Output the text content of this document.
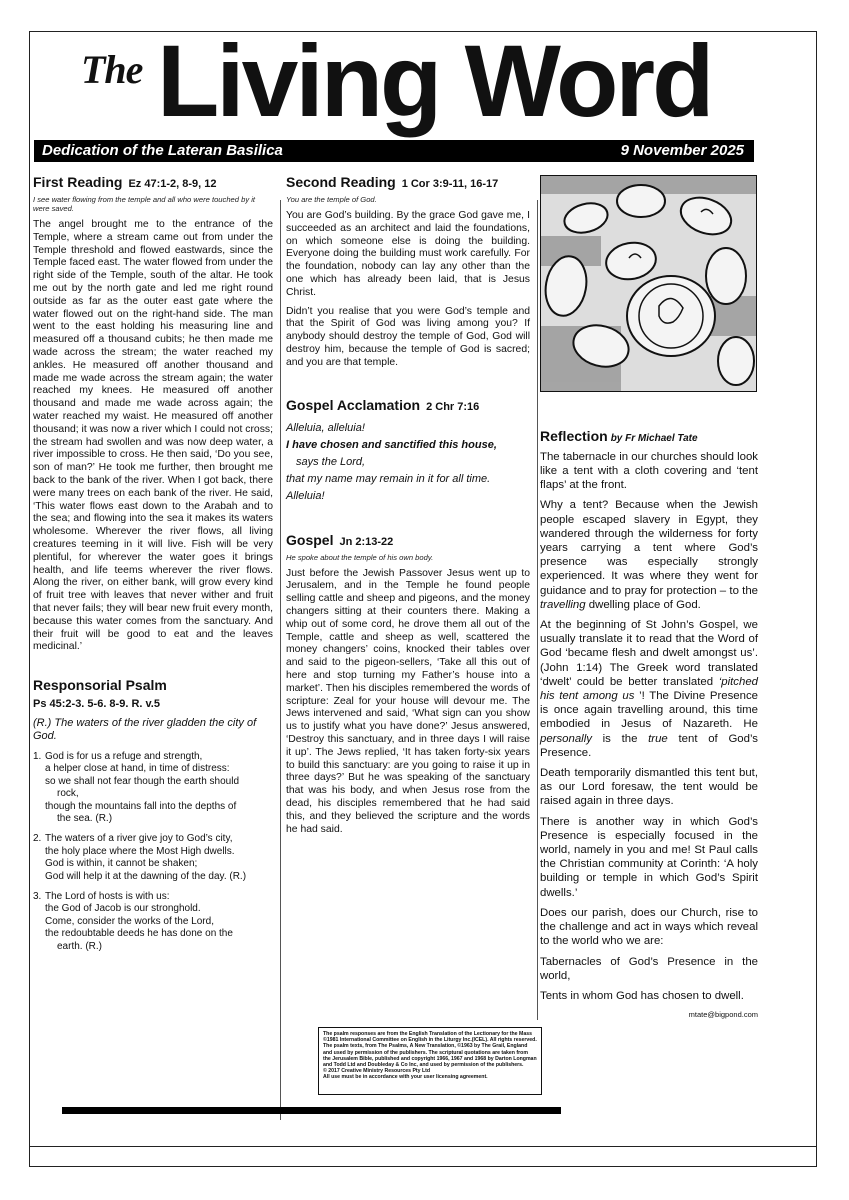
The Living Word
Dedication of the Lateran Basilica	9 November 2025
First Reading Ez 47:1-2, 8-9, 12
I see water flowing from the temple and all who were touched by it were saved.

The angel brought me to the entrance of the Temple, where a stream came out from under the Temple threshold and flowed eastwards, since the Temple faced east. The water flowed from under the right side of the Temple, south of the altar. He took me out by the north gate and led me right round outside as far as the outer east gate where the water flowed out on the right-hand side. The man went to the east holding his measuring line and measured off a thousand cubits; he then made me wade across the stream; the water reached my ankles. He measured off another thousand and made me wade across the stream again; the water reached my knees. He measured off another thousand and made me wade across again; the water reached my waist. He measured off another thousand; it was now a river which I could not cross; the stream had swollen and was now deep water, a river impossible to cross. He then said, ‘Do you see, son of man?’ He took me further, then brought me back to the bank of the river. When I got back, there were many trees on each bank of the river. He said, ‘This water flows east down to the Arabah and to the sea; and flowing into the sea it makes its waters wholesome. Wherever the river flows, all living creatures teeming in it will live. Fish will be very plentiful, for wherever the water goes it brings health, and life teems wherever the river flows. Along the river, on either bank, will grow every kind of fruit tree with leaves that never wither and fruit that never fails; they will bear new fruit every month, because this water comes from the sanctuary. And their fruit will be good to eat and the leaves medicinal.’

Responsorial Psalm
Ps 45:2-3. 5-6. 8-9. R. v.5
(R.) The waters of the river gladden the city of God.
1. God is for us a refuge and strength,
a helper close at hand, in time of distress:
so we shall not fear though the earth should
rock,
though the mountains fall into the depths of
the sea. (R.)
2. The waters of a river give joy to God’s city,
the holy place where the Most High dwells.
God is within, it cannot be shaken;
God will help it at the dawning of the day. (R.)
3. The Lord of hosts is with us:
the God of Jacob is our stronghold.
Come, consider the works of the Lord,
the redoubtable deeds he has done on the
earth. (R.)
Second Reading 1 Cor 3:9-11, 16-17
You are the temple of God.

You are God’s building. By the grace God gave me, I succeeded as an architect and laid the foundations, on which someone else is doing the building. Everyone doing the building must work carefully. For the foundation, nobody can lay any other than the one which has already been laid, that is Jesus Christ.

Didn’t you realise that you were God’s temple and that the Spirit of God was living among you? If anybody should destroy the temple of God, God will destroy him, because the temple of God is sacred; and you are that temple.

Gospel Acclamation 2 Chr 7:16
Alleluia, alleluia!
I have chosen and sanctified this house,
says the Lord,
that my name may remain in it for all time.
Alleluia!
Gospel Jn 2:13-22
He spoke about the temple of his own body.

Just before the Jewish Passover Jesus went up to Jerusalem, and in the Temple he found people selling cattle and sheep and pigeons, and the money changers sitting at their counters there. Making a whip out of some cord, he drove them all out of the Temple, cattle and sheep as well, scattered the money changers’ coins, knocked their tables over and said to the pigeon-sellers, ‘Take all this out of here and stop turning my Father’s house into a market’. Then his disciples remembered the words of scripture: Zeal for your house will devour me. The Jews intervened and said, ‘What sign can you show us to justify what you have done?’ Jesus answered, ‘Destroy this sanctuary, and in three days I will raise it up’. The Jews replied, ‘It has taken forty-six years to build this sanctuary: are you going to raise it up in three days?’ But he was speaking of the sanctuary that was his body, and when Jesus rose from the dead, his disciples remembered that he had said this, and they believed the scripture and the words he had said.

Reflection by Fr Michael Tate

The tabernacle in our churches should look like a tent with a cloth covering and ‘tent flaps’ at the front.

Why a tent? Because when the Jewish people escaped slavery in Egypt, they wandered through the wilderness for forty years carrying a tent where God’s presence was especially strongly experienced. It was where they went for guidance and to pray for protection – to the travelling dwelling place of God.

At the beginning of St John’s Gospel, we usually translate it to read that the Word of God ‘became flesh and dwelt amongst us’. (John 1:14) The Greek word translated ‘dwelt’ could be better translated ‘pitched his tent among us ’! The Divine Presence is once again travelling around, this time embodied in Jesus of Nazareth. He personally is the true tent of God’s Presence.

Death temporarily dismantled this tent but, as our Lord foresaw, the tent would be raised again in three days.

There is another way in which God’s Presence is especially focused in the world, namely in you and me! St Paul calls the Christian community at Corinth: ‘A holy building or temple in which God’s Spirit dwells.’

Does our parish, does our Church, rise to the challenge and act in ways which reveal to the world who we are:

Tabernacles of God’s Presence in the world,

Tents in whom God has chosen to dwell.

mtate@bigpond.com
The psalm responses are from the English Translation of the Lectionary for the Mass ©1981 International Committee on English in the Liturgy Inc.(ICEL). All rights reserved. The psalm texts, from The Psalms, A New Translation, ©1963 by The Grail, England and used by permission of the publishers. The scriptural quotations are taken from the Jerusalem Bible, published and copyright 1966, 1967 and 1968 by Darton Longman and Todd Ltd and Doubleday & Co Inc, and used by permission of the publishers.
© 2017 Creative Ministry Resources Pty Ltd
All use must be in accordance with your user licensing agreement.
